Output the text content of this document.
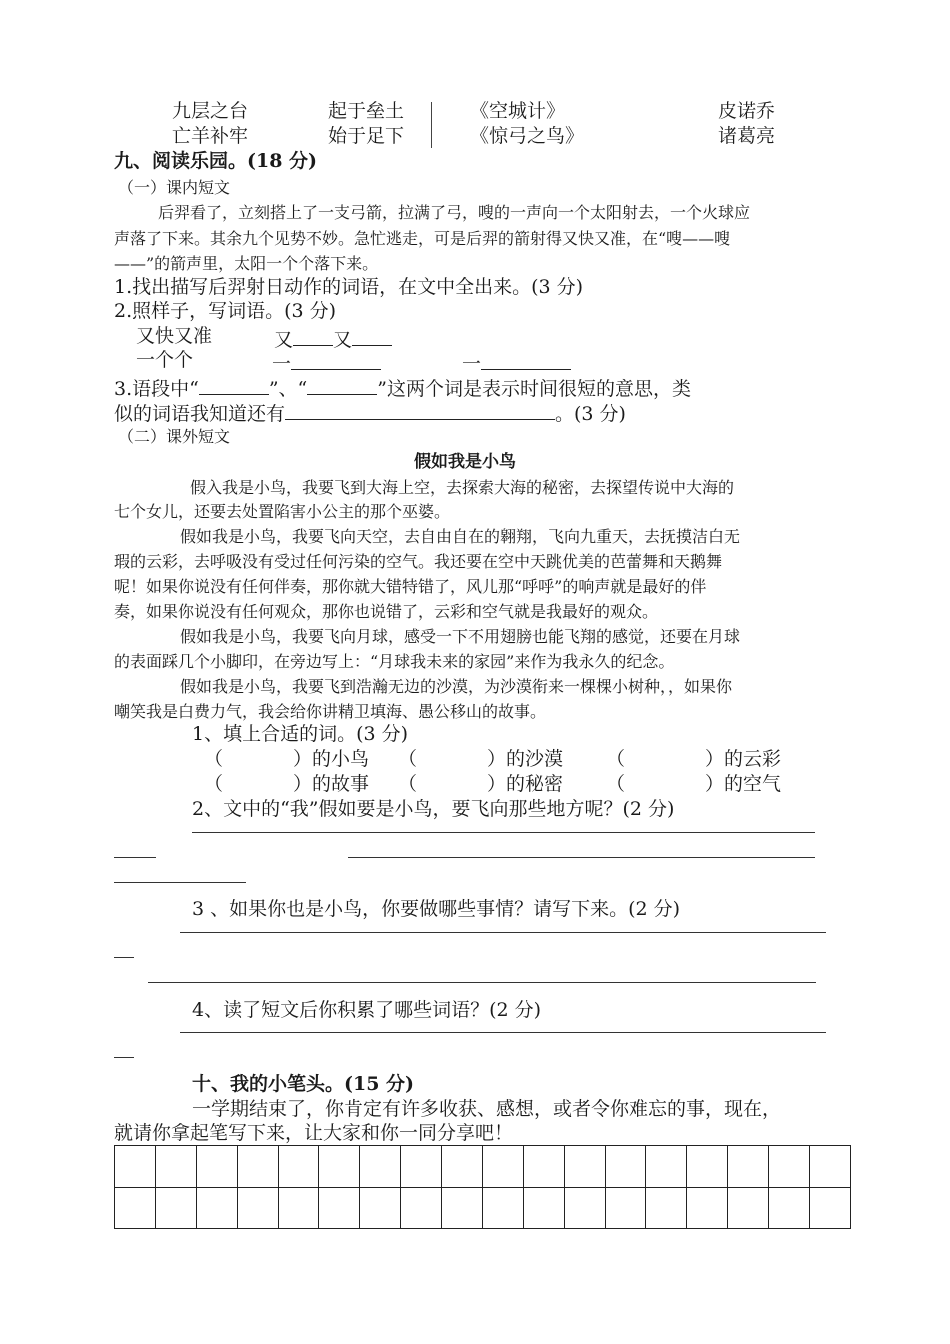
九层之台	起于垒土	《空城计》	皮诺乔
亡羊补牢	始于足下	《惊弓之鸟》	诸葛亮
九、阅读乐园。(18 分)
（一）课内短文
后羿看了，立刻搭上了一支弓箭，拉满了弓，嗖的一声向一个太阳射去，一个火球应
声落了下来。其余九个见势不妙。急忙逃走，可是后羿的箭射得又快又准，在“嗖——嗖
——”的箭声里，太阳一个个落下来。
1.找出描写后羿射日动作的词语，在文中全出来。(3 分)
2.照样子，写词语。(3 分)
又快又准	又 又
一个个	一	一
3.语段中“	”、“	”这两个词是表示时间很短的意思，类
似的词语我知道还有	。(3 分)
（二）课外短文
假如我是小鸟
假入我是小鸟，我要飞到大海上空，去探索大海的秘密，去探望传说中大海的
七个女儿，还要去处置陷害小公主的那个巫婆。
假如我是小鸟，我要飞向天空，去自由自在的翱翔，飞向九重天，去抚摸洁白无
瑕的云彩，去呼吸没有受过任何污染的空气。我还要在空中天跳优美的芭蕾舞和天鹅舞
呢！如果你说没有任何伴奏，那你就大错特错了，风儿那“呼呼”的响声就是最好的伴
奏，如果你说没有任何观众，那你也说错了，云彩和空气就是我最好的观众。
假如我是小鸟，我要飞向月球，感受一下不用翅膀也能飞翔的感觉，还要在月球
的表面踩几个小脚印，在旁边写上：“月球我未来的家园”来作为我永久的纪念。
假如我是小鸟，我要飞到浩瀚无边的沙漠，为沙漠衔来一棵棵小树种，，如果你
嘲笑我是白费力气，我会给你讲精卫填海、愚公移山的故事。
1、填上合适的词。(3 分)
（	）的小鸟 （	）的沙漠 （	）的云彩
（	）的故事 （	）的秘密 （	）的空气
2、文中的“我”假如要是小鸟，要飞向那些地方呢？(2 分)
3 、如果你也是小鸟，你要做哪些事情？请写下来。(2 分)
4、读了短文后你积累了哪些词语？(2 分)
十、我的小笔头。(15 分)
一学期结束了，你肯定有许多收获、感想，或者令你难忘的事，现在，
就请你拿起笔写下来，让大家和你一同分享吧！
